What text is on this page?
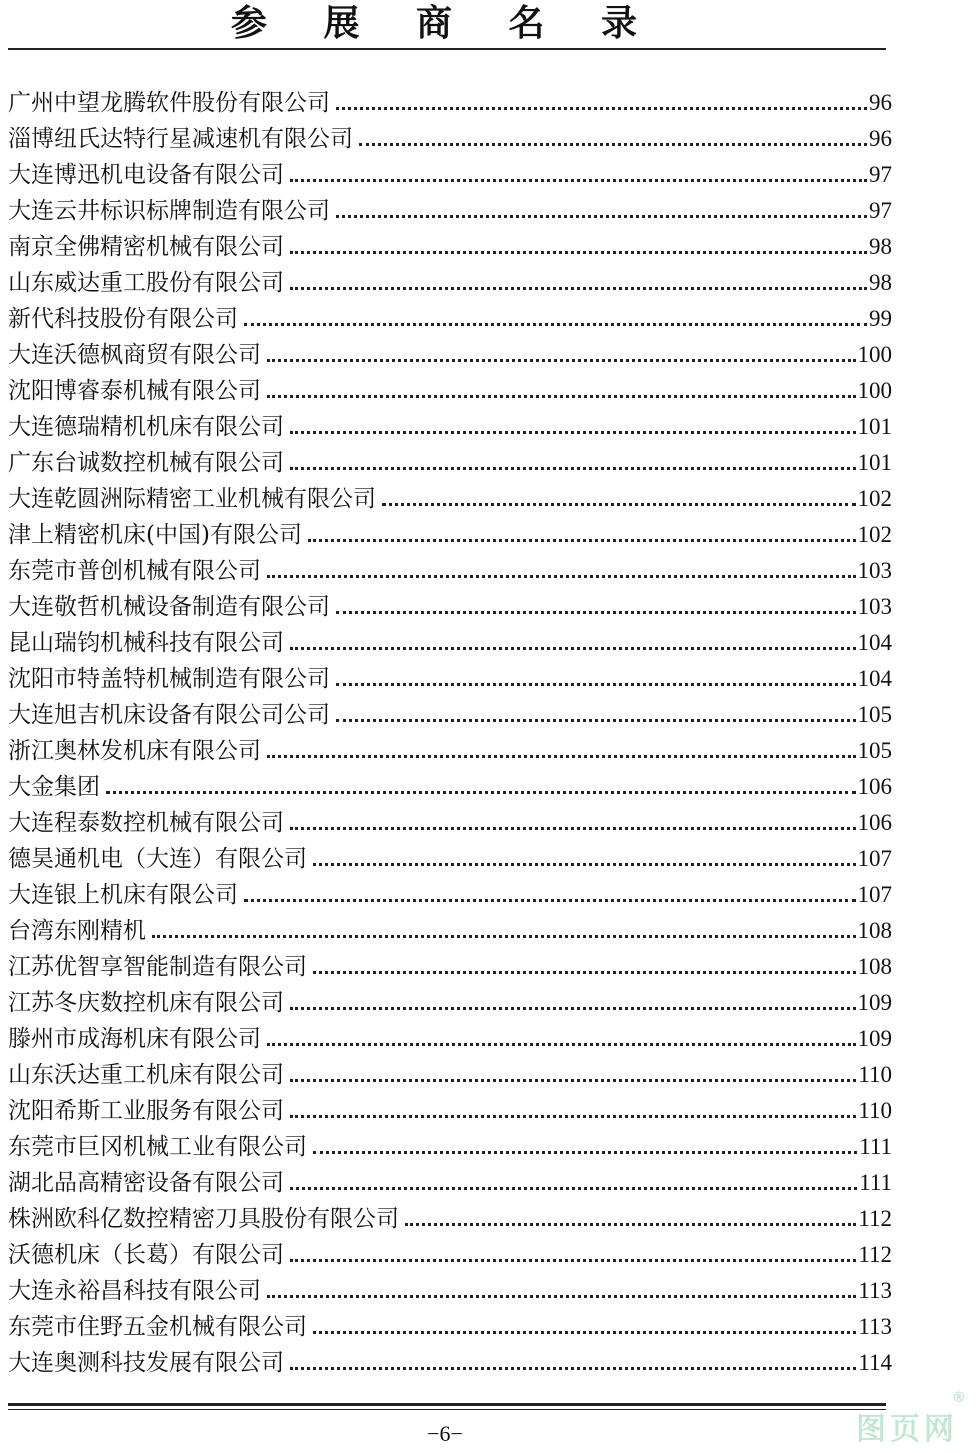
参 展 商 名 录
广州中望龙腾软件股份有限公司	96
淄博纽氏达特行星减速机有限公司	96
大连博迅机电设备有限公司	97
大连云井标识标牌制造有限公司	97
南京全佛精密机械有限公司	98
山东威达重工股份有限公司	98
新代科技股份有限公司	99
大连沃德枫商贸有限公司	100
沈阳博睿泰机械有限公司	100
大连德瑞精机机床有限公司	101
广东台诚数控机械有限公司	101
大连乾圆洲际精密工业机械有限公司	102
津上精密机床(中国)有限公司	102
东莞市普创机械有限公司	103
大连敬哲机械设备制造有限公司	103
昆山瑞钧机械科技有限公司	104
沈阳市特盖特机械制造有限公司	104
大连旭吉机床设备有限公司公司	105
浙江奥林发机床有限公司	105
大金集团	106
大连程泰数控机械有限公司	106
德昊通机电（大连）有限公司	107
大连银上机床有限公司	107
台湾东刚精机	108
江苏优智享智能制造有限公司	108
江苏冬庆数控机床有限公司	109
滕州市成海机床有限公司	109
山东沃达重工机床有限公司	110
沈阳希斯工业服务有限公司	110
东莞市巨冈机械工业有限公司	111
湖北品高精密设备有限公司	111
株洲欧科亿数控精密刀具股份有限公司	112
沃德机床（长葛）有限公司	112
大连永裕昌科技有限公司	113
东莞市住野五金机械有限公司	113
大连奥测科技发展有限公司	114
−6−	图页网
®
